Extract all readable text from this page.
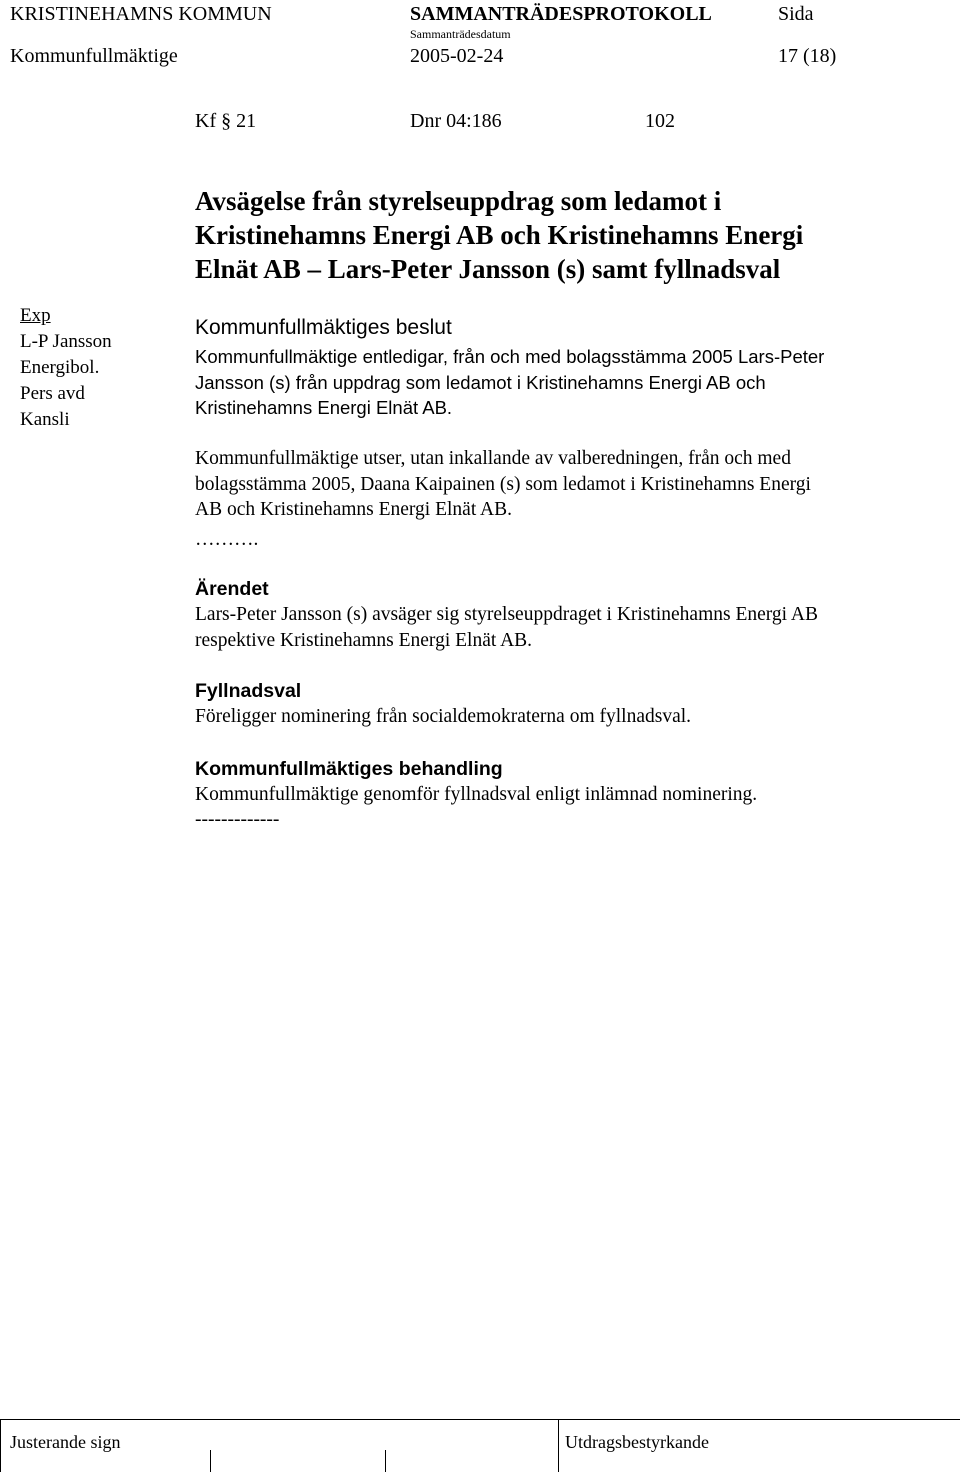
KRISTINEHAMNS KOMMUN	SAMMANTRÄDESPROTOKOLL	Sida
Sammanträdesdatum
Kommunfullmäktige	2005-02-24	17 (18)
Kf § 21	Dnr 04:186	102
Avsägelse från styrelseuppdrag som ledamot i
Kristinehamns Energi AB och Kristinehamns Energi
Elnät AB – Lars-Peter Jansson (s) samt fyllnadsval
Exp
L-P Jansson
Energibol.
Pers avd
Kansli
Kommunfullmäktiges beslut
Kommunfullmäktige entledigar, från och med bolagsstämma 2005 Lars-Peter
Jansson (s) från uppdrag som ledamot i Kristinehamns Energi AB och
Kristinehamns Energi Elnät AB.
Kommunfullmäktige utser, utan inkallande av valberedningen, från och med
bolagsstämma 2005, Daana Kaipainen (s) som ledamot i Kristinehamns Energi
AB och Kristinehamns Energi Elnät AB.
……….
Ärendet
Lars-Peter Jansson (s) avsäger sig styrelseuppdraget i Kristinehamns Energi AB
respektive Kristinehamns Energi Elnät AB.
Fyllnadsval
Föreligger nominering från socialdemokraterna om fyllnadsval.
Kommunfullmäktiges behandling
Kommunfullmäktige genomför fyllnadsval enligt inlämnad nominering.
-------------
Justerande sign	Utdragsbestyrkande
